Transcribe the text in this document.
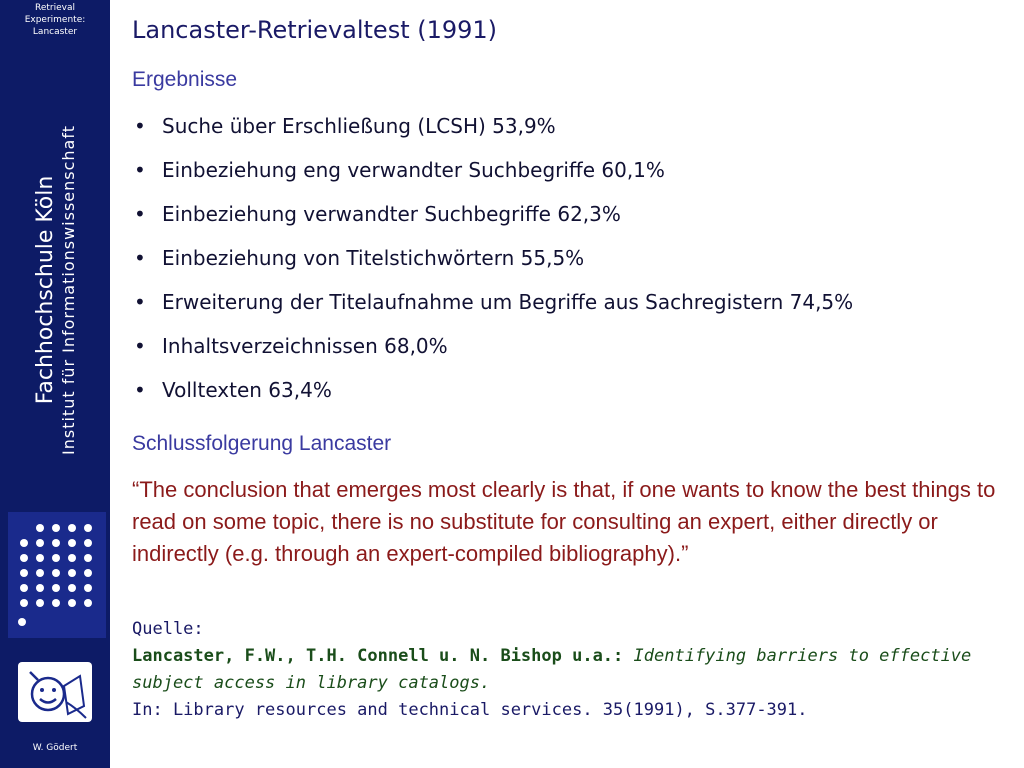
Retrieval
Experimente:
Lancaster
Fachhochschule Köln Institut für Informationswissenschaft
W. Gödert
Lancaster-Retrievaltest (1991)
Ergebnisse
• Suche über Erschließung (LCSH) 53,9%
• Einbeziehung eng verwandter Suchbegriffe 60,1%
• Einbeziehung verwandter Suchbegriffe 62,3%
• Einbeziehung von Titelstichwörtern 55,5%
• Erweiterung der Titelaufnahme um Begriffe aus Sachregistern 74,5%
• Inhaltsverzeichnissen 68,0%
• Volltexten 63,4%
Schlussfolgerung Lancaster
“The conclusion that emerges most clearly is that, if one wants to know the best things to read on some topic, there is no substitute for consulting an expert, either directly or indirectly (e.g. through an expert-compiled bibliography).”
Quelle:
Lancaster, F.W., T.H. Connell u. N. Bishop u.a.: Identifying barriers to effective subject access in library catalogs.
In: Library resources and technical services. 35(1991), S.377-391.
